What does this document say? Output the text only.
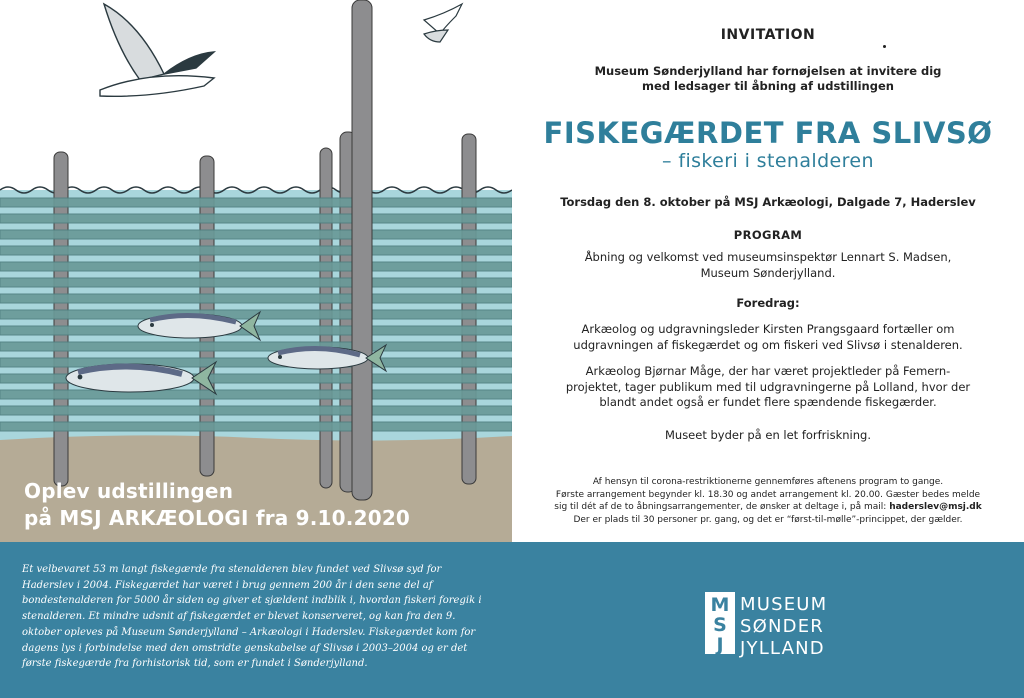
Oplev udstillingen
på MSJ ARKÆOLOGI fra 9.10.2020
INVITATION
Museum Sønderjylland har fornøjelsen at invitere dig
med ledsager til åbning af udstillingen
FISKEGÆRDET FRA SLIVSØ
– fiskeri i stenalderen
Torsdag den 8. oktober på MSJ Arkæologi, Dalgade 7, Haderslev
PROGRAM
Åbning og velkomst ved museumsinspektør Lennart S. Madsen,
Museum Sønderjylland.
Foredrag:
Arkæolog og udgravningsleder Kirsten Prangsgaard fortæller om
udgravningen af fiskegærdet og om fiskeri ved Slivsø i stenalderen.
Arkæolog Bjørnar Måge, der har været projektleder på Femern-
projektet, tager publikum med til udgravningerne på Lolland, hvor der
blandt andet også er fundet flere spændende fiskegærder.
Museet byder på en let forfriskning.
Af hensyn til corona-restriktionerne gennemføres aftenens program to gange.
Første arrangement begynder kl. 18.30 og andet arrangement kl. 20.00. Gæster bedes melde
sig til dét af de to åbningsarrangementer, de ønsker at deltage i, på mail: haderslev@msj.dk
Der er plads til 30 personer pr. gang, og det er “først-til-mølle”-princippet, der gælder.
Et velbevaret 53 m langt fiskegærde fra stenalderen blev fundet ved Slivsø syd for Haderslev i 2004. Fiskegærdet har været i brug gennem 200 år i den sene del af bondestenalderen for 5000 år siden og giver et sjældent indblik i, hvordan fiskeri foregik i stenalderen. Et mindre udsnit af fiskegærdet er blevet konserveret, og kan fra den 9. oktober opleves på Museum Sønderjylland – Arkæologi i Haderslev. Fiskegærdet kom for dagens lys i forbindelse med den omstridte genskabelse af Slivsø i 2003–2004 og er det første fiskegærde fra forhistorisk tid, som er fundet i Sønderjylland.
M
S
J
MUSEUM
SØNDER
JYLLAND
